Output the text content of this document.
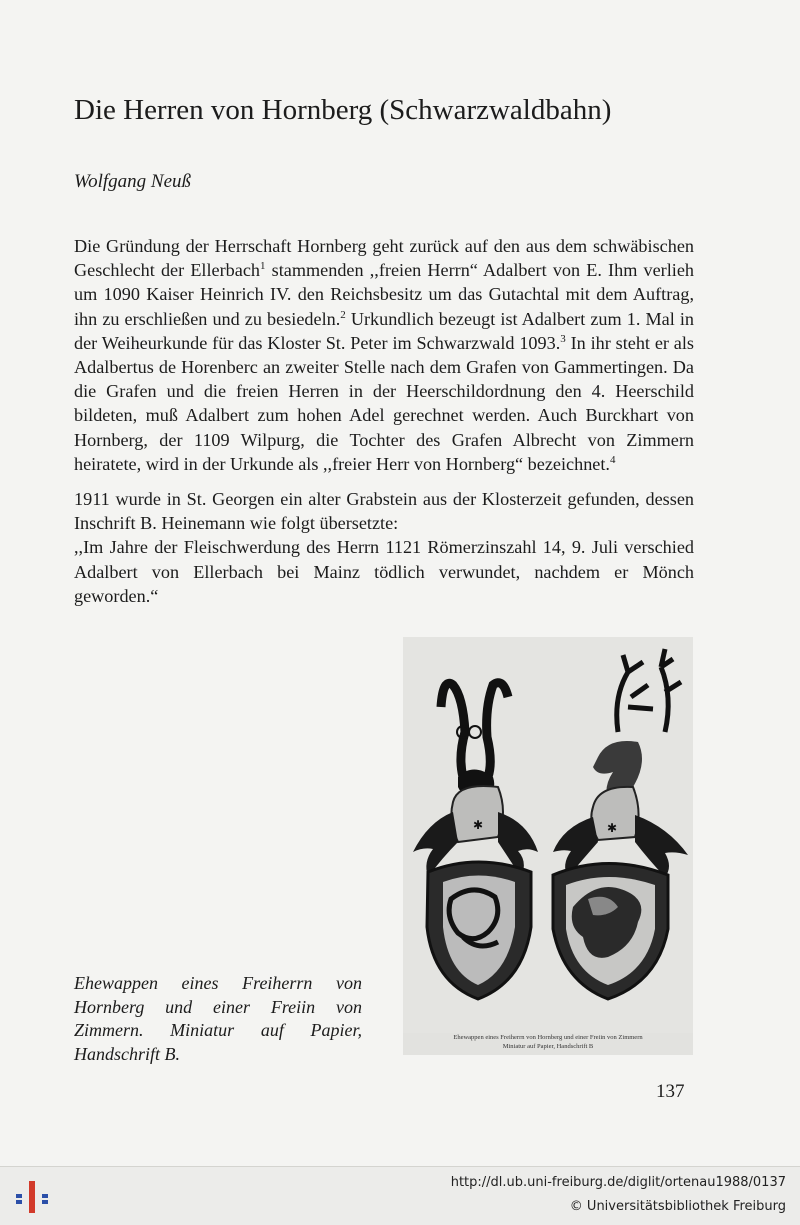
Die Herren von Hornberg (Schwarzwaldbahn)
Wolfgang Neuß

Die Gründung der Herrschaft Hornberg geht zurück auf den aus dem schwäbischen Geschlecht der Ellerbach$^1$ stammenden ,,freien Herrn“ Adalbert von E. Ihm verlieh um 1090 Kaiser Heinrich IV. den Reichsbesitz um das Gutachtal mit dem Auftrag, ihn zu erschließen und zu besiedeln.$^2$ Urkundlich bezeugt ist Adalbert zum 1. Mal in der Weiheurkunde für das Kloster St. Peter im Schwarzwald 1093.$^3$ In ihr steht er als Adalbertus de Horenberc an zweiter Stelle nach dem Grafen von Gammertingen. Da die Grafen und die freien Herren in der Heerschildordnung den 4. Heerschild bildeten, muß Adalbert zum hohen Adel gerechnet werden. Auch Burckhart von Hornberg, der 1109 Wilpurg, die Tochter des Grafen Albrecht von Zimmern heiratete, wird in der Urkunde als ,,freier Herr von Hornberg“ bezeichnet.$^4$

1911 wurde in St. Georgen ein alter Grabstein aus der Klosterzeit gefunden, dessen Inschrift B. Heinemann wie folgt übersetzte:
,,Im Jahre der Fleischwerdung des Herrn 1121 Römerzinszahl 14, 9. Juli verschied Adalbert von Ellerbach bei Mainz tödlich verwundet, nachdem er Mönch geworden.“

✱	✱
Ehewappen eines Freiherrn von Hornberg und einer Freiin von Zimmern
Miniatur auf Papier, Handschrift B

Ehewappen eines Freiherrn von Hornberg und einer Freiin von Zimmern. Miniatur auf Papier, Handschrift B.

137
http://dl.ub.uni-freiburg.de/diglit/ortenau1988/0137
© Universitätsbibliothek Freiburg
